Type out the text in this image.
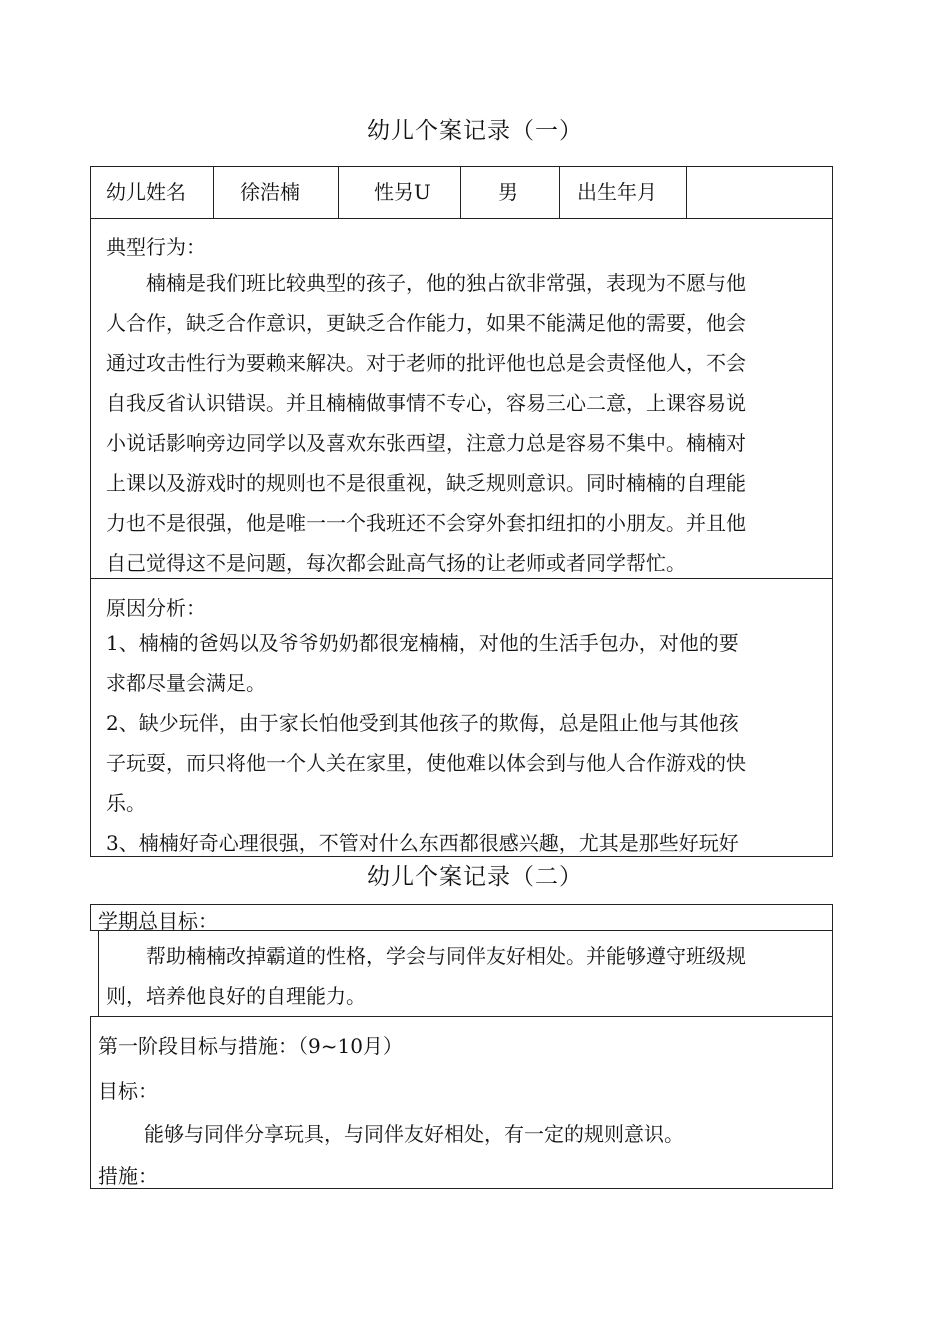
幼儿个案记录（一）
幼儿姓名	徐浩楠	性另U	男	出生年月
典型行为：
楠楠是我们班比较典型的孩子，他的独占欲非常强，表现为不愿与他
人合作，缺乏合作意识，更缺乏合作能力，如果不能满足他的需要，他会
通过攻击性行为要赖来解决。对于老师的批评他也总是会责怪他人，不会
自我反省认识错误。并且楠楠做事情不专心，容易三心二意，上课容易说
小说话影响旁边同学以及喜欢东张西望，注意力总是容易不集中。楠楠对
上课以及游戏时的规则也不是很重视，缺乏规则意识。同时楠楠的自理能
力也不是很强，他是唯一一个我班还不会穿外套扣纽扣的小朋友。并且他
自己觉得这不是问题，每次都会趾高气扬的让老师或者同学帮忙。
原因分析：
1、楠楠的爸妈以及爷爷奶奶都很宠楠楠，对他的生活手包办，对他的要
求都尽量会满足。
2、缺少玩伴，由于家长怕他受到其他孩子的欺侮，总是阻止他与其他孩
子玩耍，而只将他一个人关在家里，使他难以体会到与他人合作游戏的快
乐。
3、楠楠好奇心理很强，不管对什么东西都很感兴趣，尤其是那些好玩好
幼儿个案记录（二）
学期总目标：
帮助楠楠改掉霸道的性格，学会与同伴友好相处。并能够遵守班级规
则，培养他良好的自理能力。
第一阶段目标与措施：（9~10月）
目标：
能够与同伴分享玩具，与同伴友好相处，有一定的规则意识。
措施：
